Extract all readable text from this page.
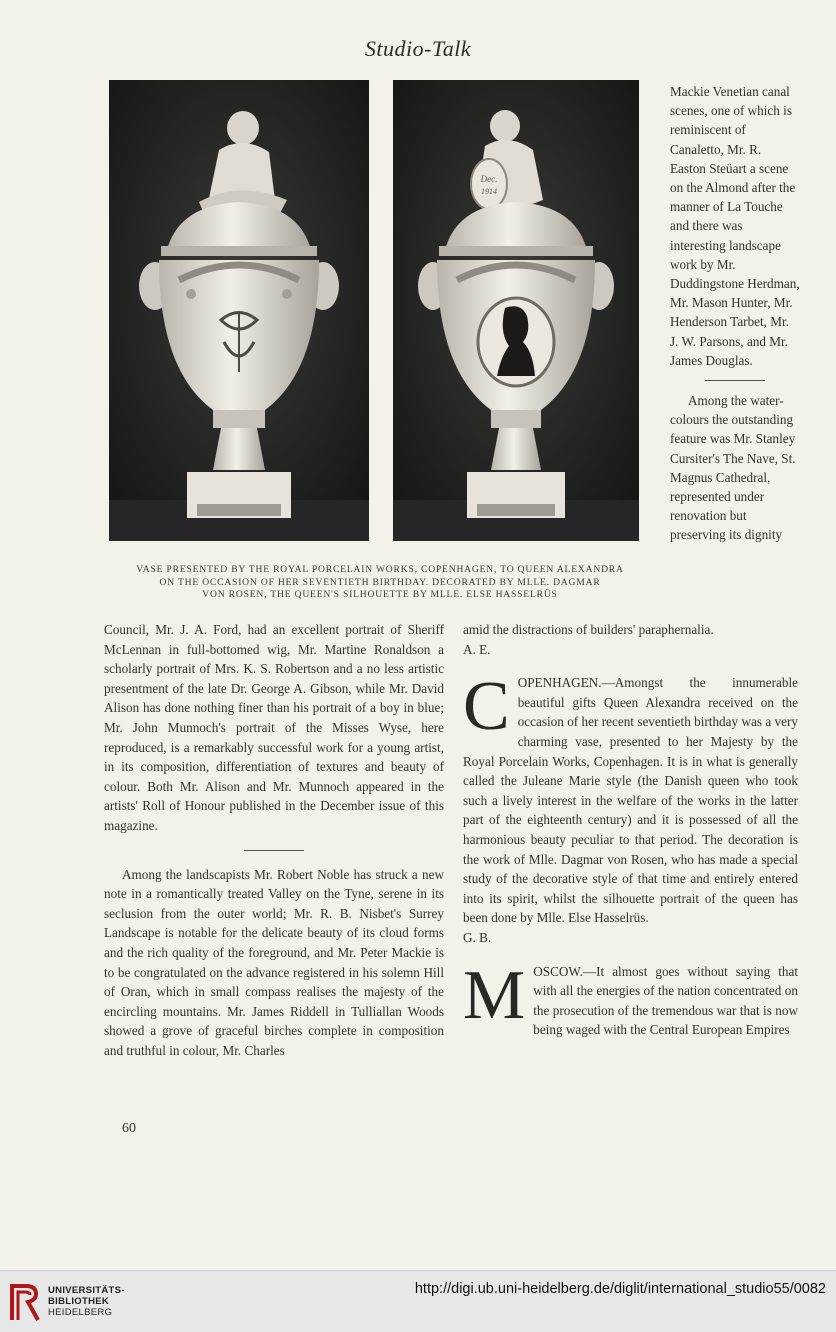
Studio-Talk
Dec.
1914
VASE PRESENTED BY THE ROYAL PORCELAIN WORKS, COPENHAGEN, TO QUEEN ALEXANDRA
ON THE OCCASION OF HER SEVENTIETH BIRTHDAY. DECORATED BY MLLE. DAGMAR
VON ROSEN, THE QUEEN'S SILHOUETTE BY MLLE. ELSE HASSELRÜS

Mackie Venetian canal scenes, one of which is reminiscent of Canaletto, Mr. R. Easton Steüart a scene on the Almond after the manner of La Touche and there was interesting landscape work by Mr. Duddingstone Herdman, Mr. Mason Hunter, Mr. Henderson Tarbet, Mr. J. W. Parsons, and Mr. James Douglas.

Among the water-colours the outstanding feature was Mr. Stanley Cursiter's The Nave, St. Magnus Cathedral, represented under renovation but preserving its dignity

Council, Mr. J. A. Ford, had an excellent portrait of Sheriff McLennan in full-bottomed wig, Mr. Martine Ronaldson a scholarly portrait of Mrs. K. S. Robertson and a no less artistic presentment of the late Dr. George A. Gibson, while Mr. David Alison has done nothing finer than his portrait of a boy in blue; Mr. John Munnoch's portrait of the Misses Wyse, here reproduced, is a remarkably successful work for a young artist, in its composition, differentiation of textures and beauty of colour. Both Mr. Alison and Mr. Munnoch appeared in the artists' Roll of Honour published in the December issue of this magazine.

Among the landscapists Mr. Robert Noble has struck a new note in a romantically treated Valley on the Tyne, serene in its seclusion from the outer world; Mr. R. B. Nisbet's Surrey Landscape is notable for the delicate beauty of its cloud forms and the rich quality of the foreground, and Mr. Peter Mackie is to be congratulated on the advance registered in his solemn Hill of Oran, which in small compass realises the majesty of the encircling mountains. Mr. James Riddell in Tulliallan Woods showed a grove of graceful birches complete in composition and truthful in colour, Mr. Charles

amid the distractions of builders' paraphernalia.

A. E.

C OPENHAGEN.—Amongst the innumerable beautiful gifts Queen Alexandra received on the occasion of her recent seventieth birthday was a very charming vase, presented to her Majesty by the Royal Porcelain Works, Copenhagen. It is in what is generally called the Juleane Marie style (the Danish queen who took such a lively interest in the welfare of the works in the latter part of the eighteenth century) and it is possessed of all the harmonious beauty peculiar to that period. The decoration is the work of Mlle. Dagmar von Rosen, who has made a special study of the decorative style of that time and entirely entered into its spirit, whilst the silhouette portrait of the queen has been done by Mlle. Else Hasselrüs.

G. B.

M OSCOW.—It almost goes without saying that with all the energies of the nation concentrated on the prosecution of the tremendous war that is now being waged with the Central European Empires

60
UNIVERSITÄTS-
BIBLIOTHEK
HEIDELBERG
http://digi.ub.uni-heidelberg.de/diglit/international_studio55/0082
